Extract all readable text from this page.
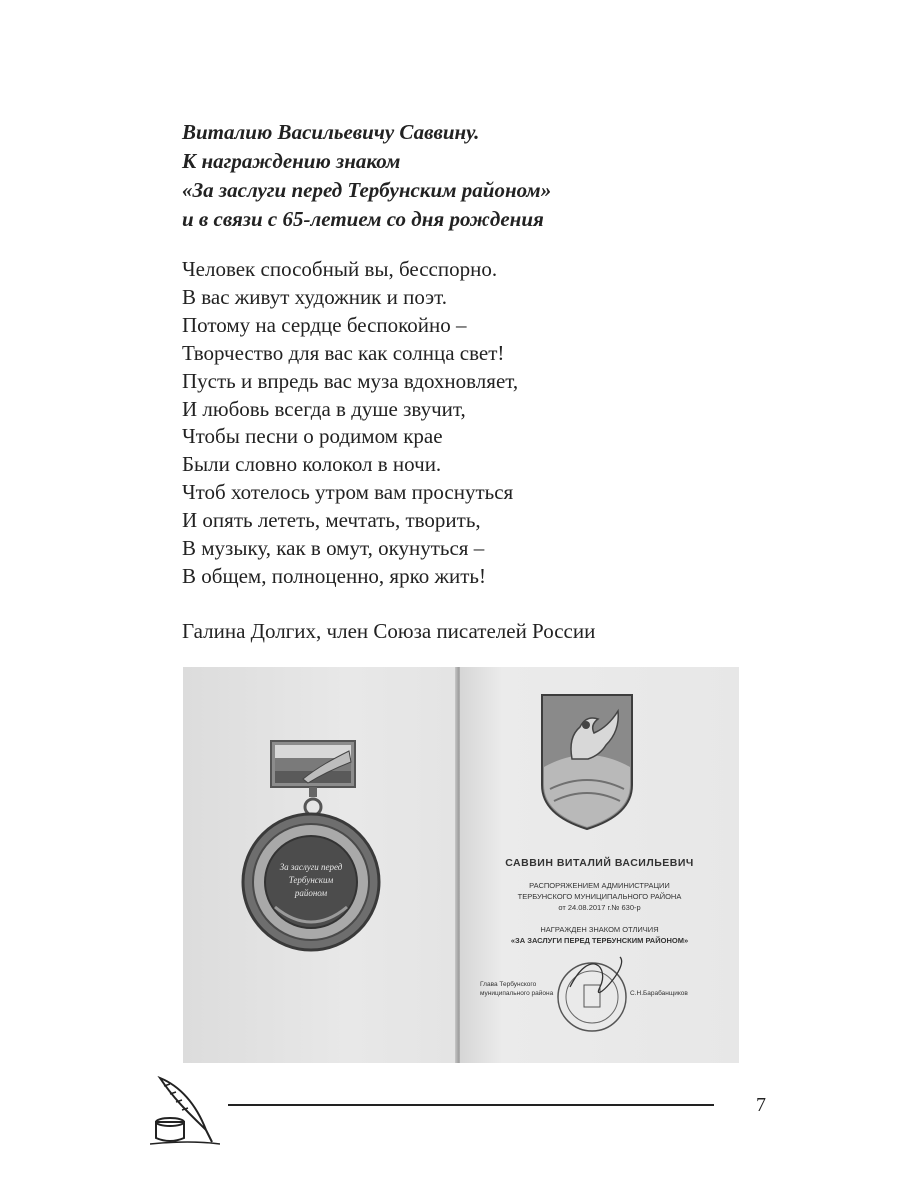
Виталию Васильевичу Саввину.
К награждению знаком
«За заслуги перед Тербунским районом»
и в связи с 65-летием со дня рождения
Человек способный вы, бесспорно.
В вас живут художник и поэт.
Потому на сердце беспокойно –
Творчество для вас как солнца свет!
Пусть и впредь вас муза вдохновляет,
И любовь всегда в душе звучит,
Чтобы песни о родимом крае
Были словно колокол в ночи.
Чтоб хотелось утром вам проснуться
И опять лететь, мечтать, творить,
В музыку, как в омут, окунуться –
В общем, полноценно, ярко жить!
Галина Долгих, член Союза писателей России
За заслуги перед
Тербунским
районом
САВВИН ВИТАЛИЙ ВАСИЛЬЕВИЧ
РАСПОРЯЖЕНИЕМ АДМИНИСТРАЦИИ
ТЕРБУНСКОГО МУНИЦИПАЛЬНОГО РАЙОНА
от 24.08.2017 г.№ 630-р
НАГРАЖДЕН ЗНАКОМ ОТЛИЧИЯ
«ЗА ЗАСЛУГИ ПЕРЕД ТЕРБУНСКИМ РАЙОНОМ»
Глава Тербунского
муниципального района	С.Н.Барабанщиков
7
